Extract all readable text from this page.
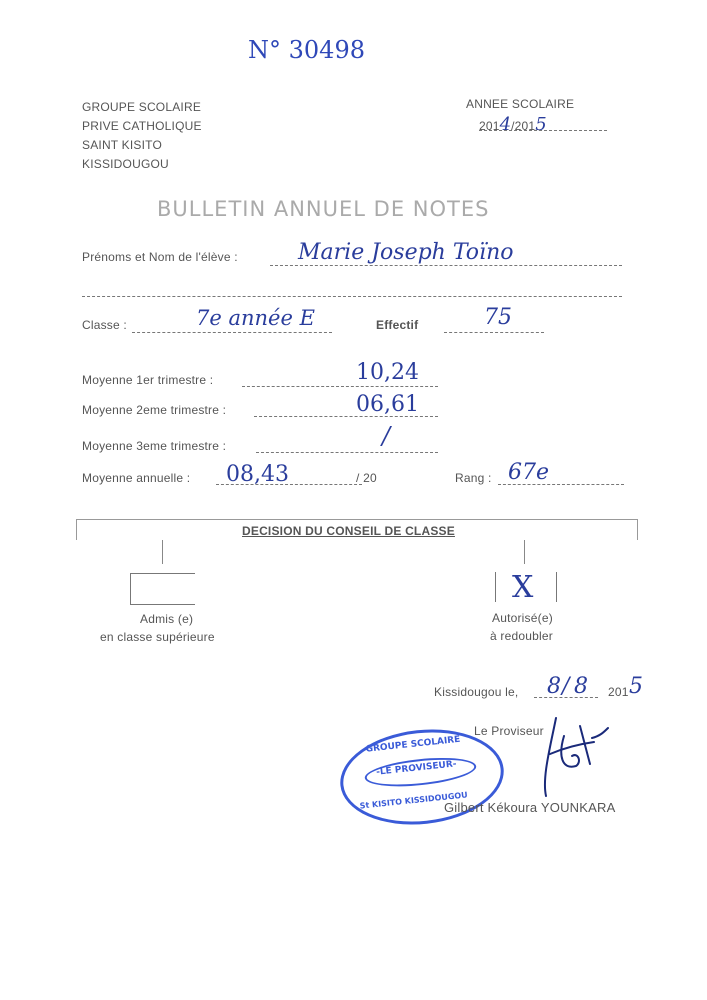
N° 30498
GROUPE SCOLAIRE
PRIVE CATHOLIQUE
SAINT KISITO
KISSIDOUGOU
ANNEE SCOLAIRE
2014/2015
BULLETIN ANNUEL DE NOTES
Prénoms et Nom de l'élève :	Marie Joseph Toïno
Classe :	7e année E	Effectif	75
Moyenne 1er trimestre :	10,24
Moyenne 2eme trimestre :	06,61
Moyenne 3eme trimestre :	/
Moyenne annuelle : 08,43	/ 20	Rang : 67e
DECISION DU CONSEIL DE CLASSE
Admis (e)
en classe supérieure
X
Autorisé(e)
à redoubler
Kissidougou le, 8 / 8 201 5
Le Proviseur
GROUPE SCOLAIRE
-LE PROVISEUR-
St KISITO KISSIDOUGOU
Gilbert Kékoura YOUNKARA
